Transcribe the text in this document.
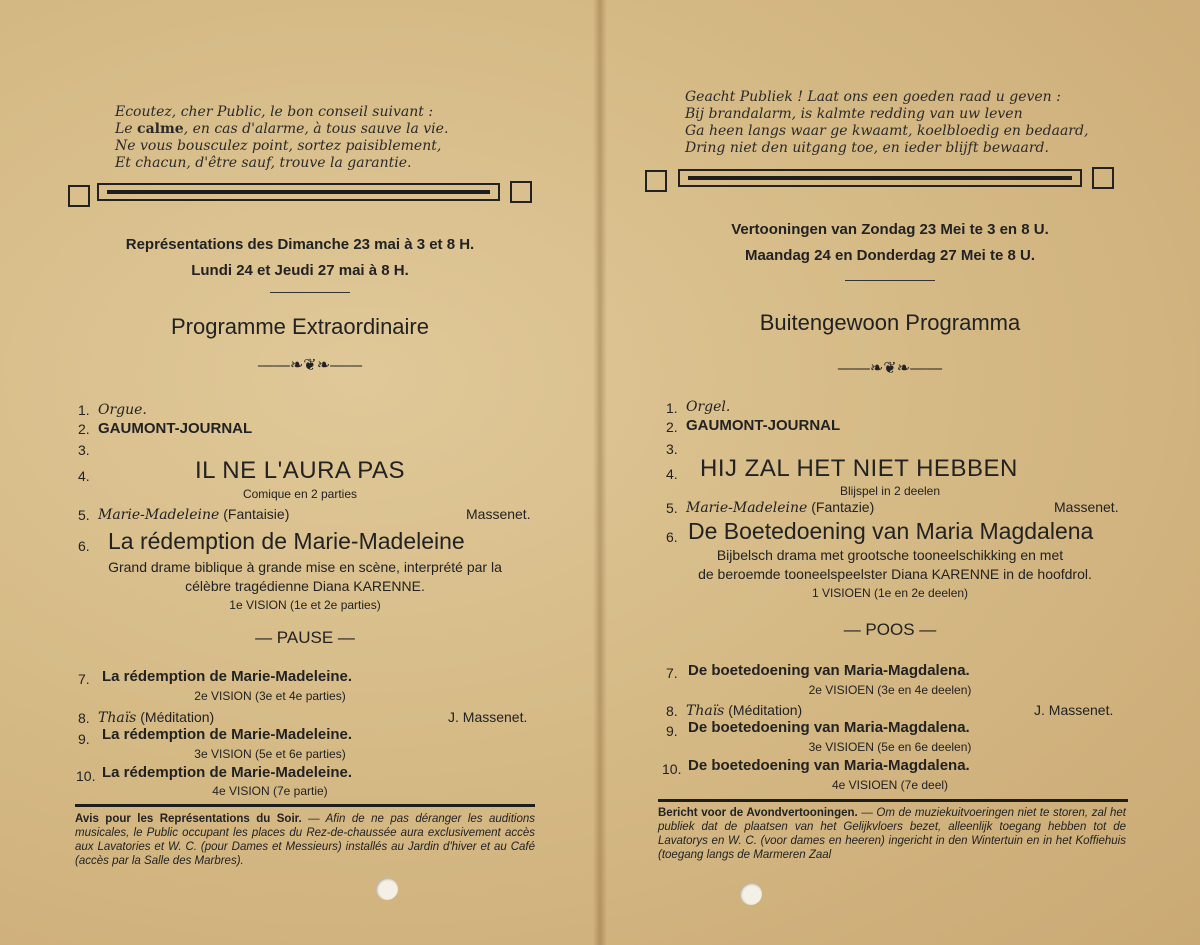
Ecoutez, cher Public, le bon conseil suivant :
Le calme, en cas d'alarme, à tous sauve la vie.
Ne vous bousculez point, sortez paisiblement,
Et chacun, d'être sauf, trouve la garantie.
Représentations des Dimanche 23 mai à 3 et 8 H.
Lundi 24 et Jeudi 27 mai à 8 H.
Programme Extraordinaire
——❧❦❧——
1. Orgue.
2. GAUMONT-JOURNAL
3.
4.	IL NE L'AURA PAS
Comique en 2 parties
5. Marie-Madeleine (Fantaisie)	Massenet.
6. La rédemption de Marie-Madeleine
Grand drame biblique à grande mise en scène, interprété par la
célèbre tragédienne Diana KARENNE.
1e VISION (1e et 2e parties)
— PAUSE —
7. La rédemption de Marie-Madeleine.
2e VISION (3e et 4e parties)
8. Thaïs (Méditation)	J. Massenet.
9. La rédemption de Marie-Madeleine.
3e VISION (5e et 6e parties)
10. La rédemption de Marie-Madeleine.
4e VISION (7e partie)
Avis pour les Représentations du Soir. — Afin de ne pas déranger les auditions musicales, le Public occupant les places du Rez-de-chaussée aura exclusivement accès aux Lavatories et W. C. (pour Dames et Messieurs) installés au Jardin d'hiver et au Café (accès par la Salle des Marbres).
Geacht Publiek ! Laat ons een goeden raad u geven :
Bij brandalarm, is kalmte redding van uw leven
Ga heen langs waar ge kwaamt, koelbloedig en bedaard,
Dring niet den uitgang toe, en ieder blijft bewaard.
Vertooningen van Zondag 23 Mei te 3 en 8 U.
Maandag 24 en Donderdag 27 Mei te 8 U.
Buitengewoon Programma
——❧❦❧——
1. Orgel.
2. GAUMONT-JOURNAL
3.
4. HIJ ZAL HET NIET HEBBEN
Blijspel in 2 deelen
5. Marie-Madeleine (Fantazie)	Massenet.
6. De Boetedoening van Maria Magdalena
Bijbelsch drama met grootsche tooneelschikking en met
de beroemde tooneelspeelster Diana KARENNE in de hoofdrol.
1 VISIOEN (1e en 2e deelen)
— POOS —
7. De boetedoening van Maria-Magdalena.
2e VISIOEN (3e en 4e deelen)
8. Thaïs (Méditation)	J. Massenet.
9. De boetedoening van Maria-Magdalena.
3e VISIOEN (5e en 6e deelen)
10. De boetedoening van Maria-Magdalena.
4e VISIOEN (7e deel)
Bericht voor de Avondvertooningen. — Om de muziekuitvoeringen niet te storen, zal het publiek dat de plaatsen van het Gelijkvloers bezet, alleenlijk toegang hebben tot de Lavatorys en W. C. (voor dames en heeren) ingericht in den Wintertuin en in het Koffiehuis (toegang langs de Marmeren Zaal
